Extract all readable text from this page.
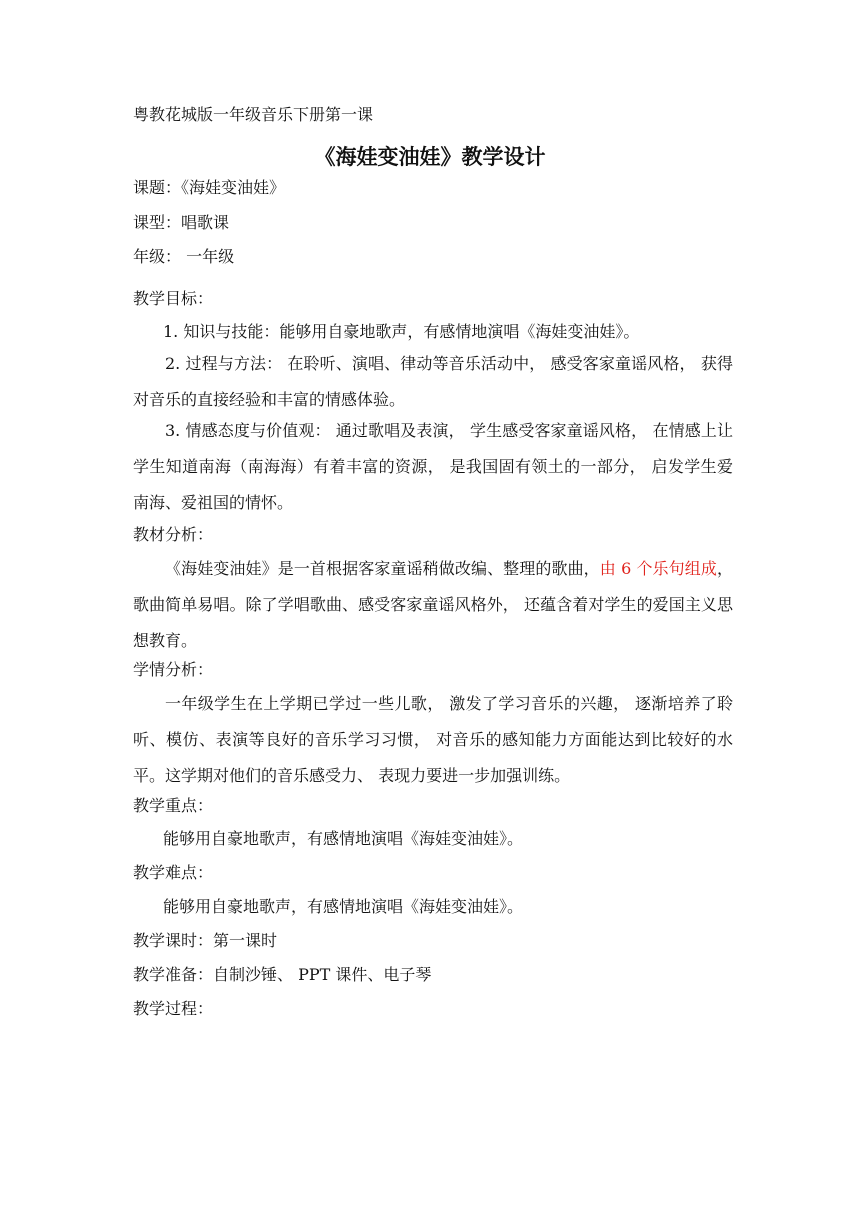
粤教花城版一年级音乐下册第一课
《海娃变油娃》教学设计
课题：《海娃变油娃》
课型：唱歌课
年级： 一年级
教学目标：
1. 知识与技能：能够用自豪地歌声，有感情地演唱《海娃变油娃》。
2. 过程与方法： 在聆听、演唱、律动等音乐活动中， 感受客家童谣风格， 获得对音乐的直接经验和丰富的情感体验。
3. 情感态度与价值观： 通过歌唱及表演， 学生感受客家童谣风格， 在情感上让学生知道南海（南海海）有着丰富的资源， 是我国固有领土的一部分， 启发学生爱南海、爱祖国的情怀。
教材分析：
《海娃变油娃》是一首根据客家童谣稍做改编、整理的歌曲，由 6 个乐句组成，歌曲简单易唱。除了学唱歌曲、感受客家童谣风格外， 还蕴含着对学生的爱国主义思想教育。
学情分析：
一年级学生在上学期已学过一些儿歌， 激发了学习音乐的兴趣， 逐渐培养了聆听、模仿、表演等良好的音乐学习习惯， 对音乐的感知能力方面能达到比较好的水平。这学期对他们的音乐感受力、 表现力要进一步加强训练。
教学重点：
能够用自豪地歌声，有感情地演唱《海娃变油娃》。
教学难点：
能够用自豪地歌声，有感情地演唱《海娃变油娃》。
教学课时：第一课时
教学准备：自制沙锤、 PPT 课件、电子琴
教学过程：
